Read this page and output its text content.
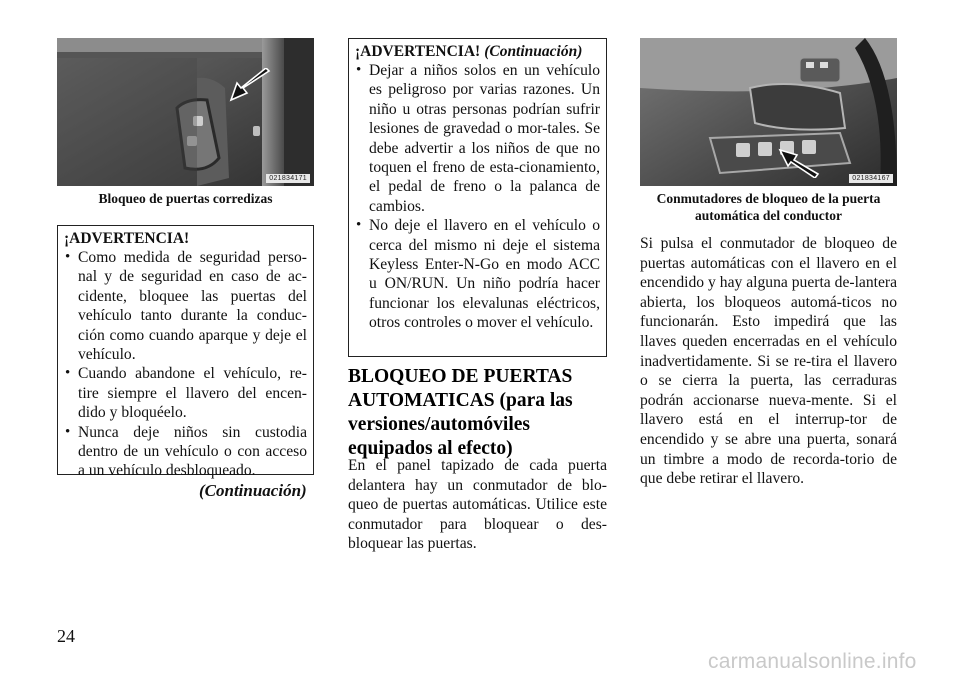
021834171
Bloqueo de puertas corredizas
¡ADVERTENCIA!
• Como medida de seguridad perso-nal y de seguridad en caso de ac-cidente, bloquee las puertas del vehículo tanto durante la conduc-ción como cuando aparque y deje el vehículo.
• Cuando abandone el vehículo, re-tire siempre el llavero del encen-dido y bloquéelo.
• Nunca deje niños sin custodia dentro de un vehículo o con acceso a un vehículo desbloqueado.
(Continuación)
¡ADVERTENCIA! (Continuación)
• Dejar a niños solos en un vehículo es peligroso por varias razones. Un niño u otras personas podrían sufrir lesiones de gravedad o mor-tales. Se debe advertir a los niños de que no toquen el freno de esta-cionamiento, el pedal de freno o la palanca de cambios.
• No deje el llavero en el vehículo o cerca del mismo ni deje el sistema Keyless Enter-N-Go en modo ACC u ON/RUN. Un niño podría hacer funcionar los elevalunas eléctricos, otros controles o mover el vehículo.
BLOQUEO DE PUERTAS AUTOMATICAS (para las versiones/automóviles equipados al efecto)
En el panel tapizado de cada puerta delantera hay un conmutador de blo-queo de puertas automáticas. Utilice este conmutador para bloquear o des-bloquear las puertas.
021834167
Conmutadores de bloqueo de la puerta automática del conductor
Si pulsa el conmutador de bloqueo de puertas automáticas con el llavero en el encendido y hay alguna puerta de-lantera abierta, los bloqueos automá-ticos no funcionarán. Esto impedirá que las llaves queden encerradas en el vehículo inadvertidamente. Si se re-tira el llavero o se cierra la puerta, las cerraduras podrán accionarse nueva-mente. Si el llavero está en el interrup-tor de encendido y se abre una puerta, sonará un timbre a modo de recorda-torio de que debe retirar el llavero.
24
carmanualsonline.info
